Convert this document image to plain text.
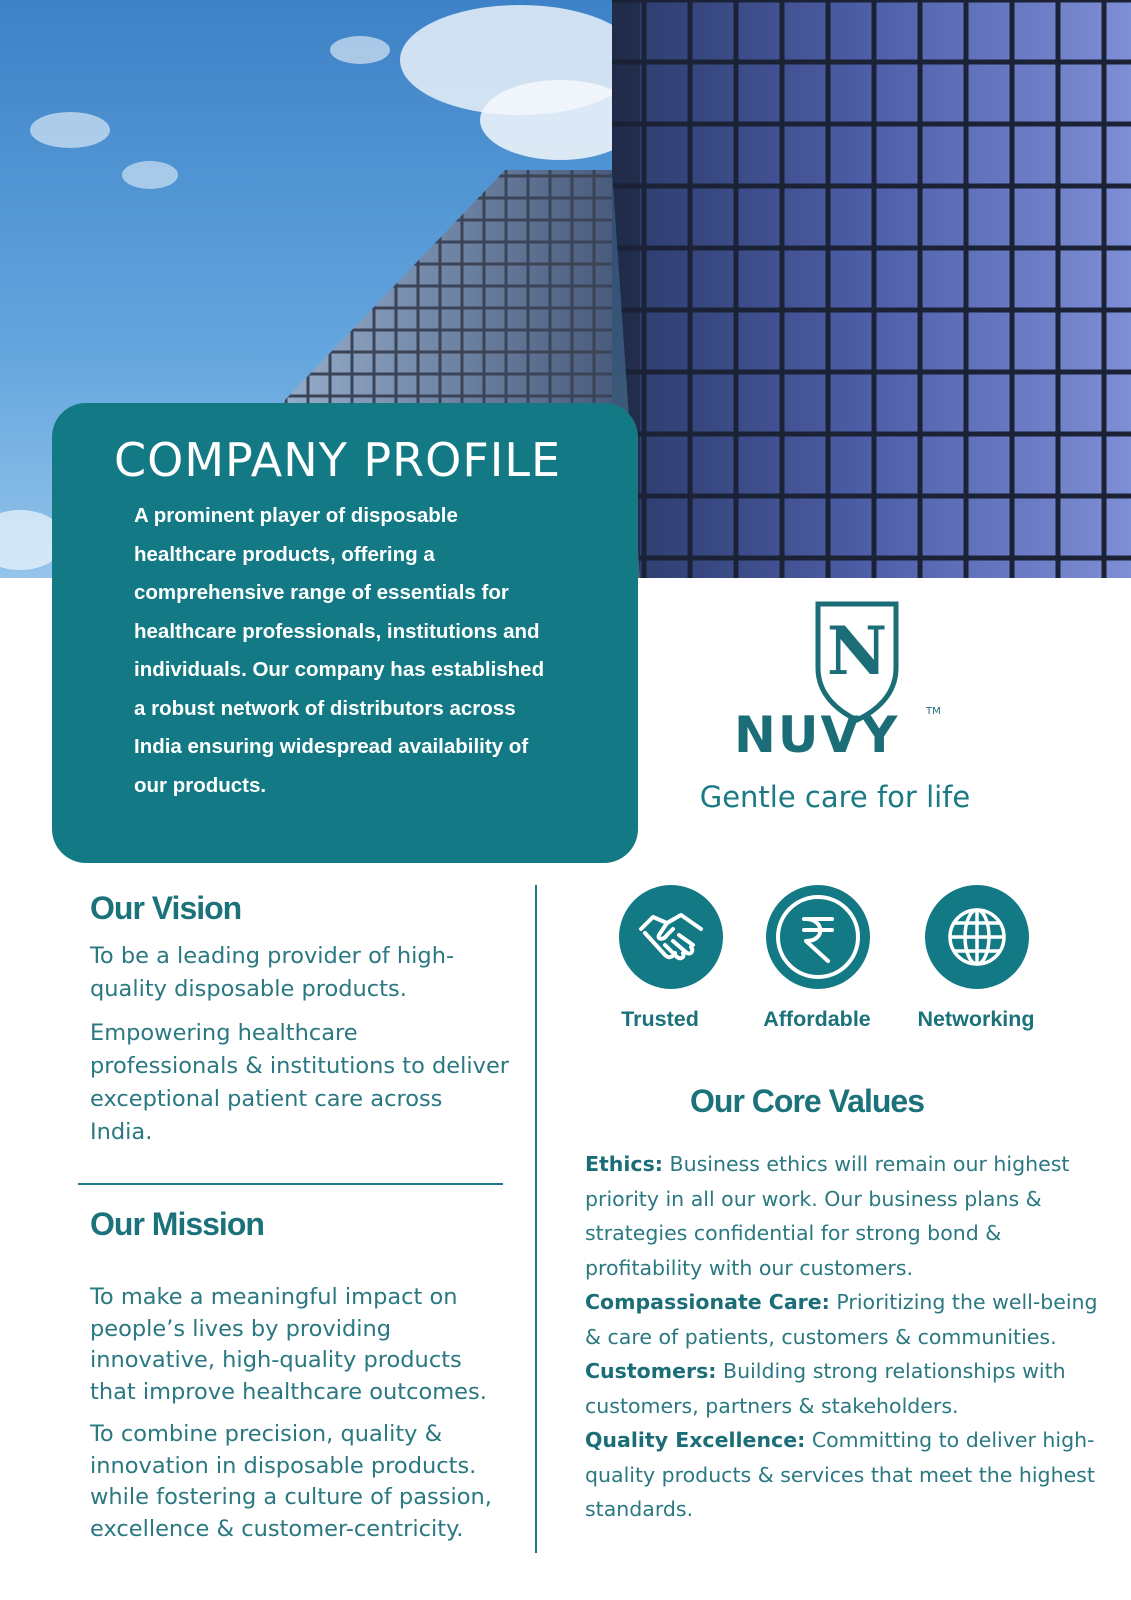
COMPANY PROFILE

A prominent player of disposable healthcare products, offering a comprehensive range of essentials for healthcare professionals, institutions and individuals. Our company has established a robust network of distributors across India ensuring widespread availability of our products.

N
NUVY	TM
Gentle care for life
Our Vision

To be a leading provider of high-quality disposable products.

Empowering healthcare professionals & institutions to deliver exceptional patient care across India.

Our Mission

To make a meaningful impact on people’s lives by providing innovative, high-quality products that improve healthcare outcomes.

To combine precision, quality & innovation in disposable products. while fostering a culture of passion, excellence & customer-centricity.

Trusted	Affordable	Networking
Our Core Values
Ethics: Business ethics will remain our highest priority in all our work. Our business plans & strategies confidential for strong bond & profitability with our customers.
Compassionate Care: Prioritizing the well-being & care of patients, customers & communities.
Customers: Building strong relationships with customers, partners & stakeholders.
Quality Excellence: Committing to deliver high-quality products & services that meet the highest standards.
